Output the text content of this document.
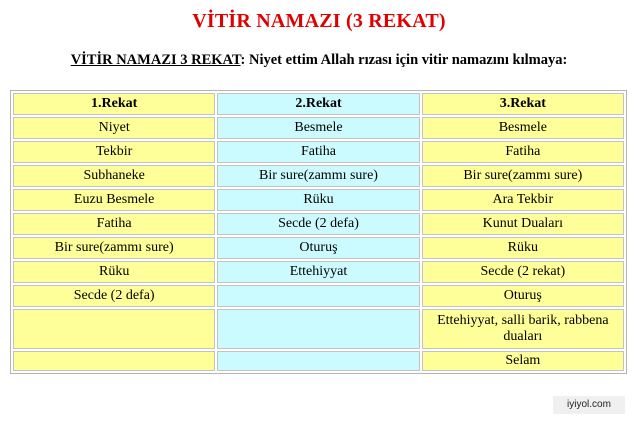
VİTİR NAMAZI (3 REKAT)
VİTİR NAMAZI 3 REKAT: Niyet ettim Allah rızası için vitir namazını kılmaya:
1.Rekat	2.Rekat	3.Rekat
Niyet	Besmele	Besmele
Tekbir	Fatiha	Fatiha
Subhaneke	Bir sure(zammı sure)	Bir sure(zammı sure)
Euzu Besmele	Rüku	Ara Tekbir
Fatiha	Secde (2 defa)	Kunut Duaları
Bir sure(zammı sure)	Oturuş	Rüku
Rüku	Ettehiyyat	Secde (2 rekat)
Secde (2 defa)		Oturuş
		Ettehiyyat, salli barik, rabbena duaları
		Selam
iyiyol.com
